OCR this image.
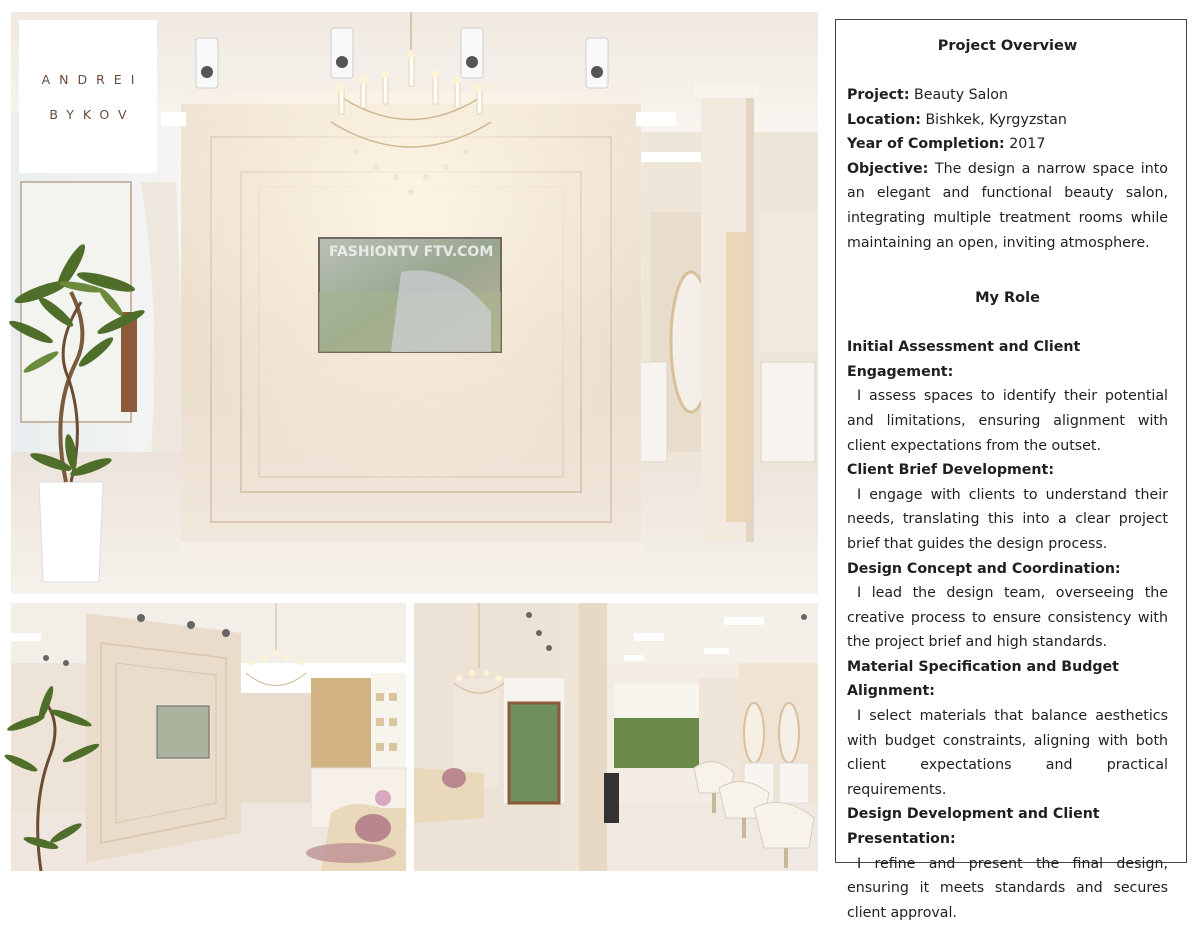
FASHIONTV FTV.COM
ANDREI
BYKOV
Project Overview
Project: Beauty Salon
Location: Bishkek, Kyrgyzstan
Year of Completion: 2017
Objective: The design a narrow space into an elegant and functional beauty salon, integrating multiple treatment rooms while maintaining an open, inviting atmosphere.
My Role
Initial Assessment and Client Engagement:
I assess spaces to identify their potential and limitations, ensuring alignment with client expectations from the outset.
Client Brief Development:
I engage with clients to understand their needs, translating this into a clear project brief that guides the design process.
Design Concept and Coordination:
I lead the design team, overseeing the creative process to ensure consistency with the project brief and high standards.
Material Specification and Budget Alignment:
I select materials that balance aesthetics with budget constraints, aligning with both client expectations and practical requirements.
Design Development and Client Presentation:
I refine and present the final design, ensuring it meets standards and secures client approval.
